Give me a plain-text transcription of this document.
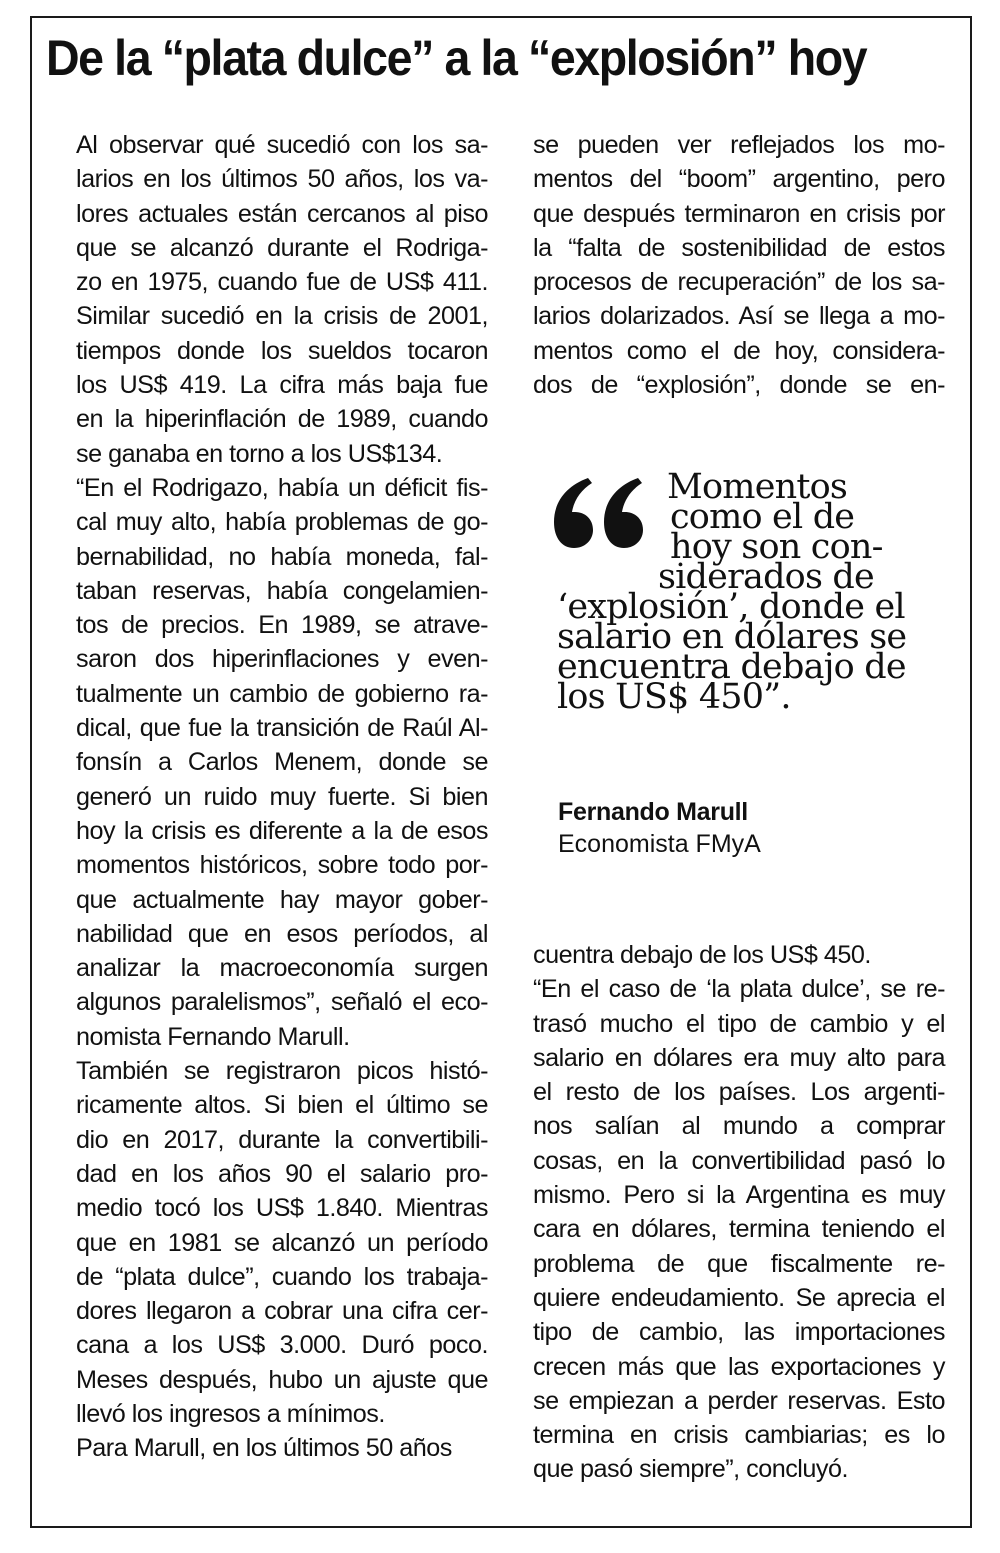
De la “plata dulce” a la “explosión” hoy
Al observar qué sucedió con los sa-
larios en los últimos 50 años, los va-
lores actuales están cercanos al piso
que se alcanzó durante el Rodriga-
zo en 1975, cuando fue de US$ 411.
Similar sucedió en la crisis de 2001,
tiempos donde los sueldos tocaron
los US$ 419. La cifra más baja fue
en la hiperinflación de 1989, cuando
se ganaba en torno a los US$134.
“En el Rodrigazo, había un déficit fis-
cal muy alto, había problemas de go-
bernabilidad, no había moneda, fal-
taban reservas, había congelamien-
tos de precios. En 1989, se atrave-
saron dos hiperinflaciones y even-
tualmente un cambio de gobierno ra-
dical, que fue la transición de Raúl Al-
fonsín a Carlos Menem, donde se
generó un ruido muy fuerte. Si bien
hoy la crisis es diferente a la de esos
momentos históricos, sobre todo por-
que actualmente hay mayor gober-
nabilidad que en esos períodos, al
analizar la macroeconomía surgen
algunos paralelismos”, señaló el eco-
nomista Fernando Marull.
También se registraron picos histó-
ricamente altos. Si bien el último se
dio en 2017, durante la convertibili-
dad en los años 90 el salario pro-
medio tocó los US$ 1.840. Mientras
que en 1981 se alcanzó un período
de “plata dulce”, cuando los trabaja-
dores llegaron a cobrar una cifra cer-
cana a los US$ 3.000. Duró poco.
Meses después, hubo un ajuste que
llevó los ingresos a mínimos.
Para Marull, en los últimos 50 años
se pueden ver reflejados los mo-
mentos del “boom” argentino, pero
que después terminaron en crisis por
la “falta de sostenibilidad de estos
procesos de recuperación” de los sa-
larios dolarizados. Así se llega a mo-
mentos como el de hoy, considera-
dos de “explosión”, donde se en-
Momentos
como el de
hoy son con-
siderados de
‘explosión’, donde el
salario en dólares se
encuentra debajo de
los US$ 450”.
Fernando Marull
Economista FMyA
cuentra debajo de los US$ 450.
“En el caso de ‘la plata dulce’, se re-
trasó mucho el tipo de cambio y el
salario en dólares era muy alto para
el resto de los países. Los argenti-
nos salían al mundo a comprar
cosas, en la convertibilidad pasó lo
mismo. Pero si la Argentina es muy
cara en dólares, termina teniendo el
problema de que fiscalmente re-
quiere endeudamiento. Se aprecia el
tipo de cambio, las importaciones
crecen más que las exportaciones y
se empiezan a perder reservas. Esto
termina en crisis cambiarias; es lo
que pasó siempre”, concluyó.
